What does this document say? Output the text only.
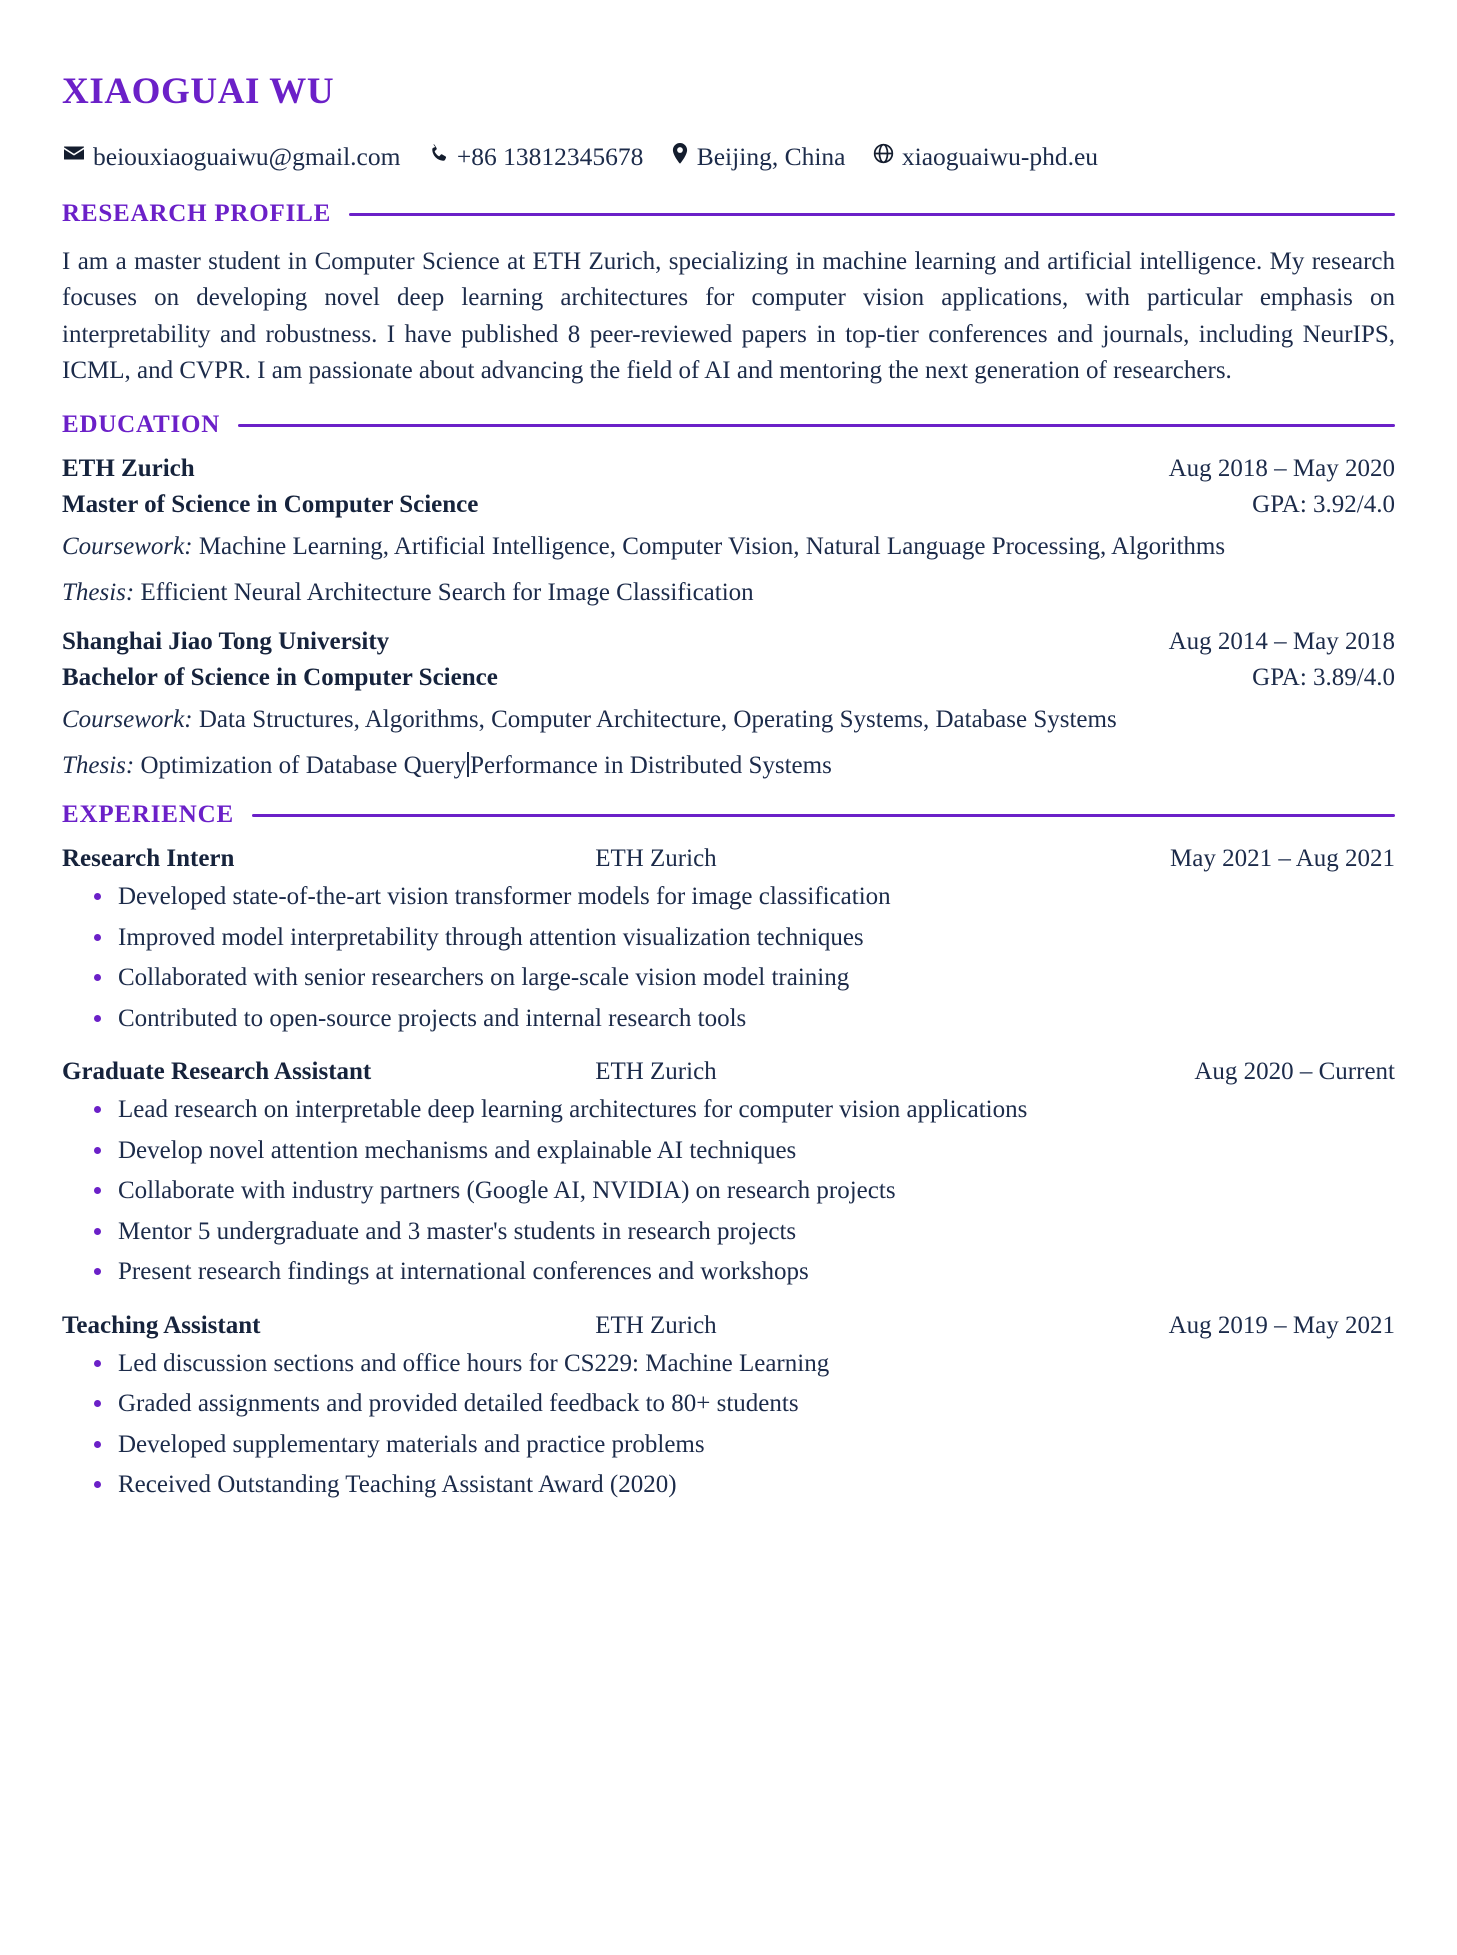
XIAOGUAI WU
beiouxiaoguaiwu@gmail.com +86 13812345678 Beijing, China xiaoguaiwu-phd.eu
RESEARCH PROFILE

I am a master student in Computer Science at ETH Zurich, specializing in machine learning and artificial intelligence. My research focuses on developing novel deep learning architectures for computer vision applications, with particular emphasis on interpretability and robustness. I have published 8 peer-reviewed papers in top-tier conferences and journals, including NeurIPS, ICML, and CVPR. I am passionate about advancing the field of AI and mentoring the next generation of researchers.

EDUCATION
ETH Zurich	Aug 2018 – May 2020
Master of Science in Computer Science	GPA: 3.92/4.0

Coursework: Machine Learning, Artificial Intelligence, Computer Vision, Natural Language Processing, Algorithms

Thesis: Efficient Neural Architecture Search for Image Classification

Shanghai Jiao Tong University	Aug 2014 – May 2018
Bachelor of Science in Computer Science	GPA: 3.89/4.0

Coursework: Data Structures, Algorithms, Computer Architecture, Operating Systems, Database Systems

Thesis: Optimization of Database Query Performance in Distributed Systems

EXPERIENCE
Research Intern	ETH Zurich	May 2021 – Aug 2021
Developed state-of-the-art vision transformer models for image classification
Improved model interpretability through attention visualization techniques
Collaborated with senior researchers on large-scale vision model training
Contributed to open-source projects and internal research tools
Graduate Research Assistant	ETH Zurich	Aug 2020 – Current
Lead research on interpretable deep learning architectures for computer vision applications
Develop novel attention mechanisms and explainable AI techniques
Collaborate with industry partners (Google AI, NVIDIA) on research projects
Mentor 5 undergraduate and 3 master's students in research projects
Present research findings at international conferences and workshops
Teaching Assistant	ETH Zurich	Aug 2019 – May 2021
Led discussion sections and office hours for CS229: Machine Learning
Graded assignments and provided detailed feedback to 80+ students
Developed supplementary materials and practice problems
Received Outstanding Teaching Assistant Award (2020)
